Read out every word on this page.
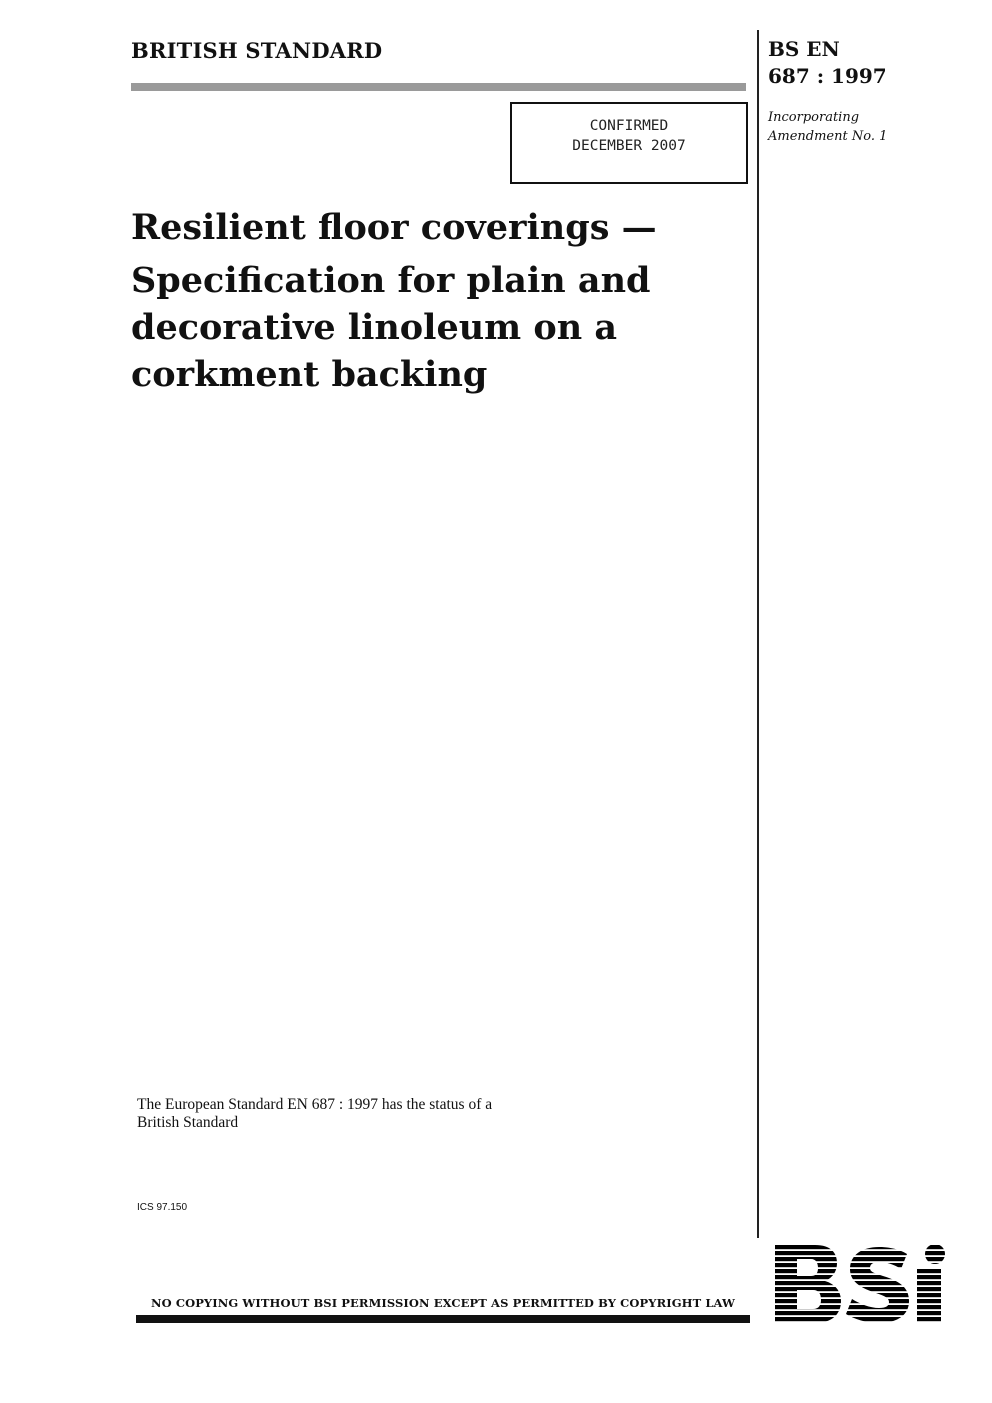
BRITISH STANDARD	BS EN
687 : 1997
Incorporating
Amendment No. 1
CONFIRMED
DECEMBER 2007
Resilient floor coverings —
Specification for plain and
decorative linoleum on a
corkment backing
The European Standard EN 687 : 1997 has the status of a
British Standard
ICS 97.150
NO COPYING WITHOUT BSI PERMISSION EXCEPT AS PERMITTED BY COPYRIGHT LAW
